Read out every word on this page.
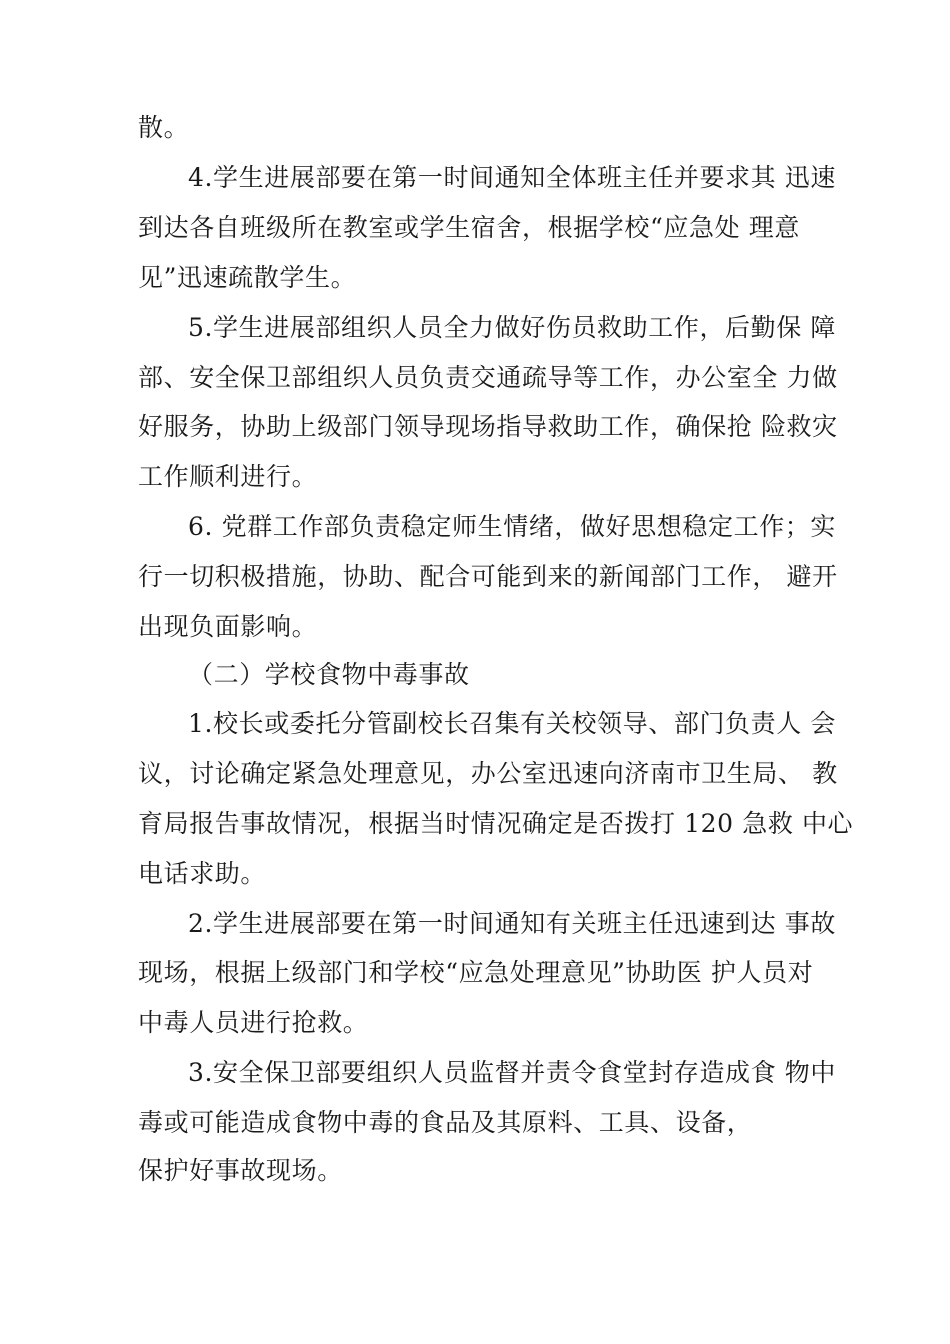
散。
4.学生进展部要在第一时间通知全体班主任并要求其 迅速
到达各自班级所在教室或学生宿舍，根据学校“应急处 理意
见”迅速疏散学生。
5.学生进展部组织人员全力做好伤员救助工作，后勤保 障
部、安全保卫部组织人员负责交通疏导等工作，办公室全 力做
好服务，协助上级部门领导现场指导救助工作，确保抢 险救灾
工作顺利进行。
6. 党群工作部负责稳定师生情绪，做好思想稳定工作；实
行一切积极措施，协助、配合可能到来的新闻部门工作， 避开
出现负面影响。
（二）学校食物中毒事故
1.校长或委托分管副校长召集有关校领导、部门负责人 会
议，讨论确定紧急处理意见，办公室迅速向济南市卫生局、 教
育局报告事故情况，根据当时情况确定是否拨打 120 急救 中心
电话求助。
2.学生进展部要在第一时间通知有关班主任迅速到达 事故
现场，根据上级部门和学校“应急处理意见”协助医 护人员对
中毒人员进行抢救。
3.安全保卫部要组织人员监督并责令食堂封存造成食 物中
毒或可能造成食物中毒的食品及其原料、工具、设备，
保护好事故现场。
